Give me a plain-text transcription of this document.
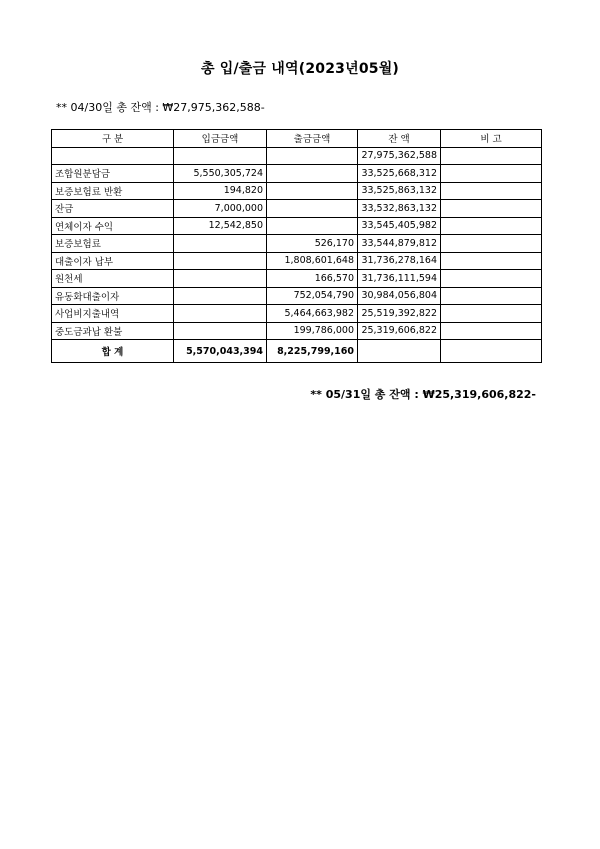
총 입/출금 내역(2023년05월)
** 04/30일 총 잔액 : ₩27,975,362,588-
구 분	입금금액	출금금액	잔 액	비 고
			27,975,362,588	
조합원분담금	5,550,305,724		33,525,668,312	
보증보험료 반환	194,820		33,525,863,132	
잔금	7,000,000		33,532,863,132	
연체이자 수익	12,542,850		33,545,405,982	
보증보험료		526,170	33,544,879,812	
대출이자 납부		1,808,601,648	31,736,278,164	
원천세		166,570	31,736,111,594	
유동화대출이자		752,054,790	30,984,056,804	
사업비지출내역		5,464,663,982	25,519,392,822	
중도금과납 환불		199,786,000	25,319,606,822	
합 계	5,570,043,394	8,225,799,160		
** 05/31일 총 잔액 : ₩25,319,606,822-
